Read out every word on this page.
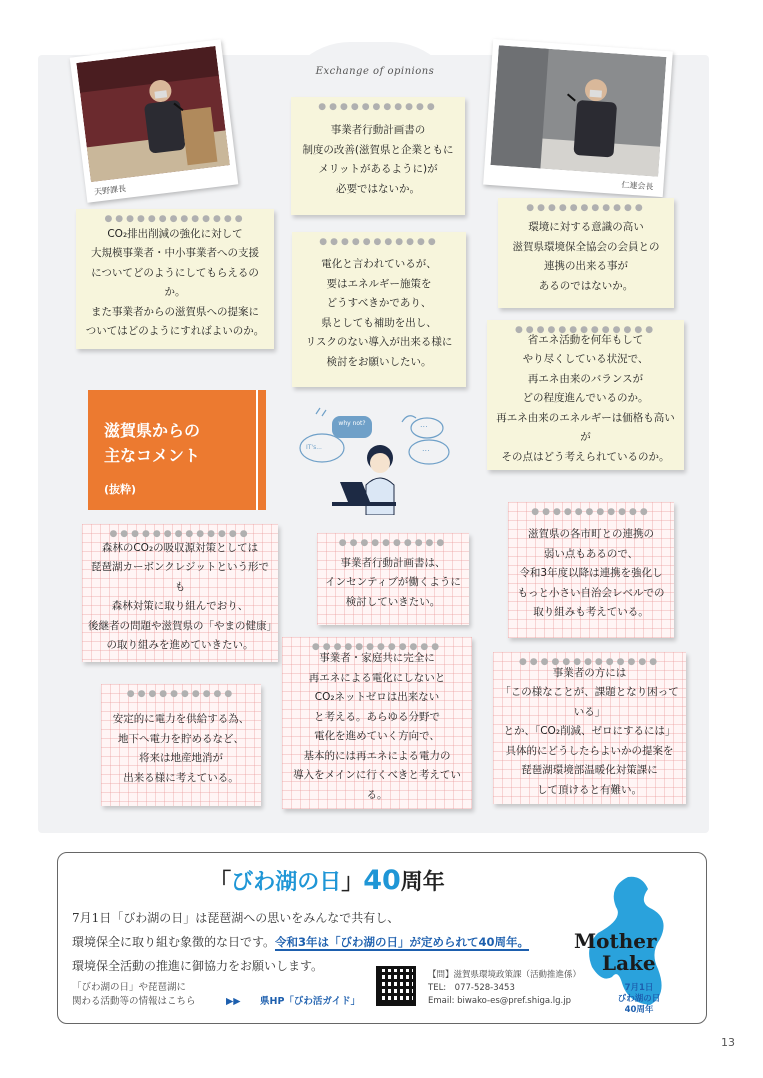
Exchange of opinions
天野課長	仁連会長
●●●●●●●●●●●
事業者行動計画書の
制度の改善(滋賀県と企業ともに
メリットがあるように)が
必要ではないか。
●●●●●●●●●●●●●
CO₂排出削減の強化に対して
大規模事業者・中小事業者への支援
についてどのようにしてもらえるのか。
また事業者からの滋賀県への提案に
ついてはどのようにすればよいのか。
●●●●●●●●●●●
電化と言われているが、
要はエネルギー施策を
どうすべきかであり、
県としても補助を出し、
リスクのない導入が出来る様に
検討をお願いしたい。
●●●●●●●●●●●
環境に対する意識の高い
滋賀県環境保全協会の会員との
連携の出来る事が
あるのではないか。
●●●●●●●●●●●●●
省エネ活動を何年もして
やり尽くしている状況で、
再エネ由来のバランスが
どの程度進んでいるのか。
再エネ由来のエネルギーは価格も高いが
その点はどう考えられているのか。
滋賀県からの
主なコメント
(抜粋)
why not?
IT's...
...
...
●●●●●●●●●●●●●
森林のCO₂の吸収源対策としては
琵琶湖カーボンクレジットという形でも
森林対策に取り組んでおり、
後継者の問題や滋賀県の「やまの健康」
の取り組みを進めていきたい。
●●●●●●●●●●
事業者行動計画書は、
インセンティブが働くように
検討していきたい。
●●●●●●●●●●●
滋賀県の各市町との連携の
弱い点もあるので、
令和3年度以降は連携を強化し
もっと小さい自治会レベルでの
取り組みも考えている。
●●●●●●●●●●
安定的に電力を供給する為、
地下へ電力を貯めるなど、
将来は地産地消が
出来る様に考えている。
●●●●●●●●●●●●
事業者・家庭共に完全に
再エネによる電化にしないと
CO₂ネットゼロは出来ない
と考える。あらゆる分野で
電化を進めていく方向で、
基本的には再エネによる電力の
導入をメインに行くべきと考えている。
●●●●●●●●●●●●●
事業者の方には
「この様なことが、課題となり困っている」
とか、「CO₂削減、ゼロにするには」
具体的にどうしたらよいかの提案を
琵琶湖環境部温暖化対策課に
して頂けると有難い。
「びわ湖の日」40周年
7月1日「びわ湖の日」は琵琶湖への思いをみんなで共有し、
環境保全に取り組む象徴的な日です。令和3年は「びわ湖の日」が定められて40周年。
環境保全活動の推進に御協力をお願いします。
「びわ湖の日」や琵琶湖に
関わる活動等の情報はこちら	▶▶ 県HP「びわ活ガイド」
【問】滋賀県環境政策課（活動推進係）
TEL:　077-528-3453
Email: biwako-es@pref.shiga.lg.jp
Mother
Lake
7月1日
びわ湖の日
40周年
13
